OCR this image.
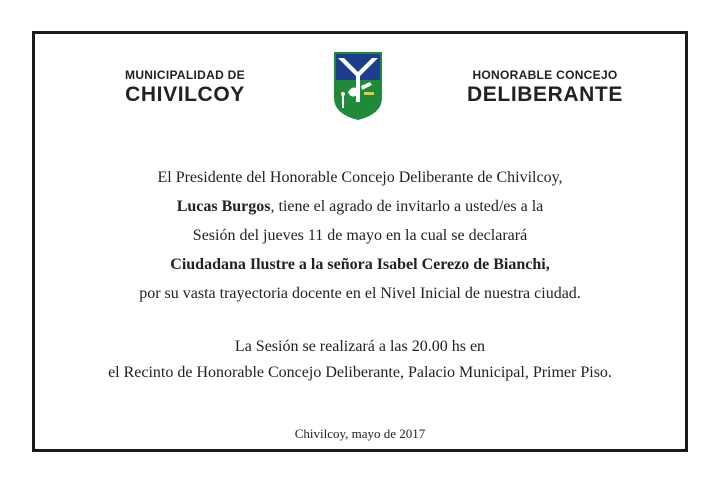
MUNICIPALIDAD DE
CHIVILCOY
HONORABLE CONCEJO
DELIBERANTE
El Presidente del Honorable Concejo Deliberante de Chivilcoy,
Lucas Burgos, tiene el agrado de invitarlo a usted/es a la
Sesión del jueves 11 de mayo en la cual se declarará
Ciudadana Ilustre a la señora Isabel Cerezo de Bianchi,
por su vasta trayectoria docente en el Nivel Inicial de nuestra ciudad.
La Sesión se realizará a las 20.00 hs en
el Recinto de Honorable Concejo Deliberante, Palacio Municipal, Primer Piso.
Chivilcoy, mayo de 2017
